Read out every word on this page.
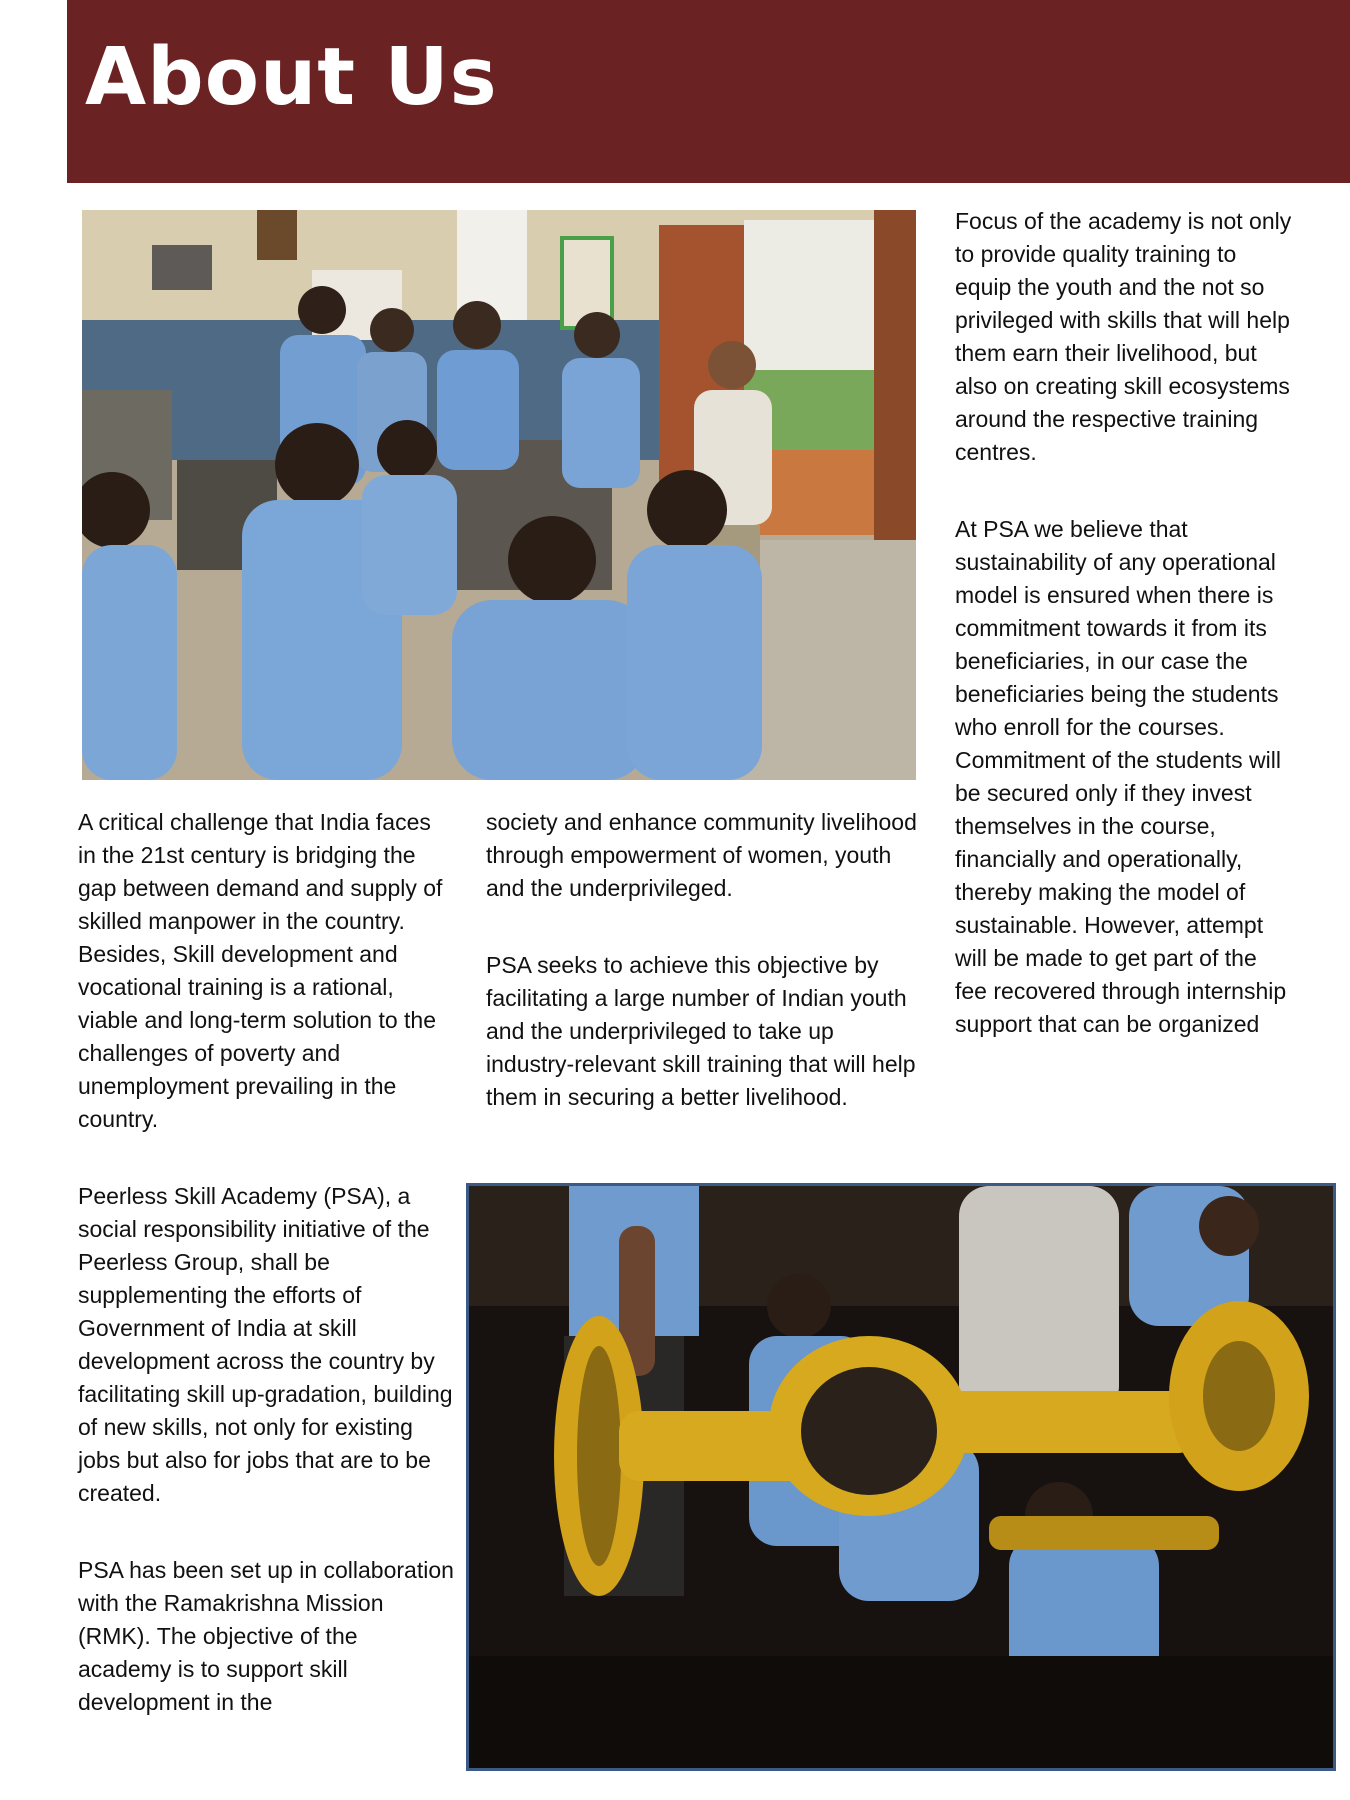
About Us

A critical challenge that India faces in the 21st century is bridging the gap between demand and supply of skilled manpower in the country. Besides, Skill development and vocational training is a rational, viable and long-term solution to the challenges of poverty and unemployment prevailing in the country.

Peerless Skill Academy (PSA), a social responsibility initiative of the Peerless Group, shall be supplementing the efforts of Government of India at skill development across the country by facilitating skill up-gradation, building of new skills, not only for existing jobs but also for jobs that are to be created.

PSA has been set up in collaboration with the Ramakrishna Mission (RMK). The objective of the academy is to support skill development in the

society and enhance community livelihood through empowerment of women, youth and the underprivileged.

PSA seeks to achieve this objective by facilitating a large number of Indian youth and the underprivileged to take up industry-relevant skill training that will help them in securing a better livelihood.

Focus of the academy is not only to provide quality training to equip the youth and the not so privileged with skills that will help them earn their livelihood, but also on creating skill ecosystems around the respective training centres.

At PSA we believe that sustainability of any operational model is ensured when there is commitment towards it from its beneficiaries, in our case the beneficiaries being the students who enroll for the courses. Commitment of the students will be secured only if they invest themselves in the course, financially and operationally, thereby making the model of sustainable. However, attempt will be made to get part of the fee recovered through internship support that can be organized
